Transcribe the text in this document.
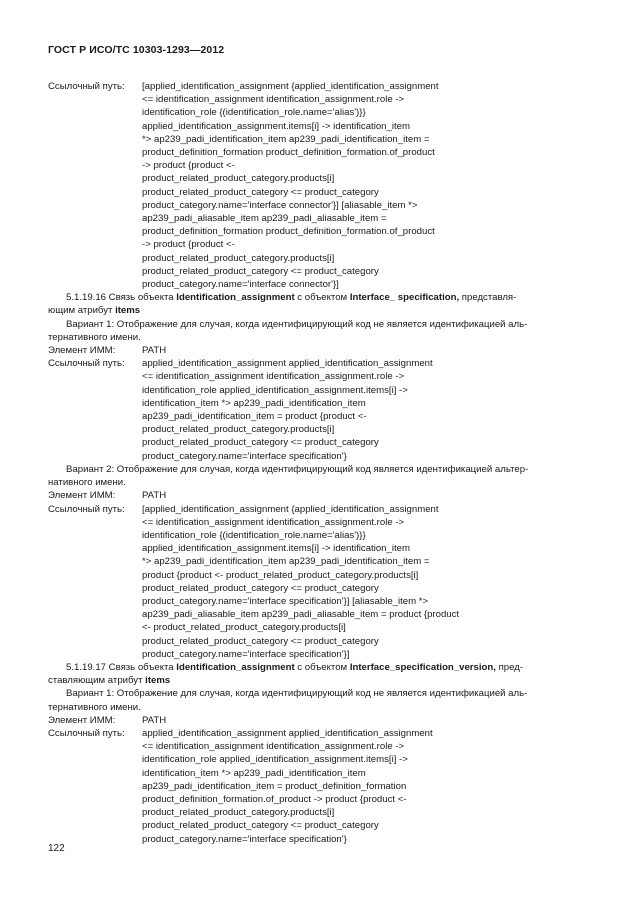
ГОСТ Р ИСО/ТС 10303-1293—2012
Ссылочный путь:	[applied_identification_assignment {applied_identification_assignment
<= identification_assignment identification_assignment.role ->
identification_role {(identification_role.name='alias')}}
applied_identification_assignment.items[i] -> identification_item
*> ap239_padi_identification_item ap239_padi_identification_item =
product_definition_formation product_definition_formation.of_product
-> product {product <-
product_related_product_category.products[i]
product_related_product_category <= product_category
product_category.name='interface connector'}] [aliasable_item *>
ap239_padi_aliasable_item ap239_padi_aliasable_item =
product_definition_formation product_definition_formation.of_product
-> product {product <-
product_related_product_category.products[i]
product_related_product_category <= product_category
product_category.name='interface connector'}]
5.1.19.16 Связь объекта Identification_assignment с объектом Interface_ specification, представля-
ющим атрибут items
Вариант 1: Отображение для случая, когда идентифицирующий код не является идентификацией аль-
тернативного имени.
Элемент ИММ:	PATH
Ссылочный путь:	applied_identification_assignment applied_identification_assignment
<= identification_assignment identification_assignment.role ->
identification_role applied_identification_assignment.items[i] ->
identification_item *> ap239_padi_identification_item
ap239_padi_identification_item = product {product <-
product_related_product_category.products[i]
product_related_product_category <= product_category
product_category.name='interface specification'}
Вариант 2: Отображение для случая, когда идентифицирующий код является идентификацией альтер-
нативного имени.
Элемент ИММ:	PATH
Ссылочный путь:	[applied_identification_assignment {applied_identification_assignment
<= identification_assignment identification_assignment.role ->
identification_role {(identification_role.name='alias')}}
applied_identification_assignment.items[i] -> identification_item
*> ap239_padi_identification_item ap239_padi_identification_item =
product {product <- product_related_product_category.products[i]
product_related_product_category <= product_category
product_category.name='interface specification'}] [aliasable_item *>
ap239_padi_aliasable_item ap239_padi_aliasable_item = product {product
<- product_related_product_category.products[i]
product_related_product_category <= product_category
product_category.name='interface specification'}]
5.1.19.17 Связь объекта Identification_assignment с объектом Interface_specification_version, пред-
ставляющим атрибут items
Вариант 1: Отображение для случая, когда идентифицирующий код не является идентификацией аль-
тернативного имени.
Элемент ИММ:	PATH
Ссылочный путь:	applied_identification_assignment applied_identification_assignment
<= identification_assignment identification_assignment.role ->
identification_role applied_identification_assignment.items[i] ->
identification_item *> ap239_padi_identification_item
ap239_padi_identification_item = product_definition_formation
product_definition_formation.of_product -> product {product <-
product_related_product_category.products[i]
product_related_product_category <= product_category
product_category.name='interface specification'}
122
